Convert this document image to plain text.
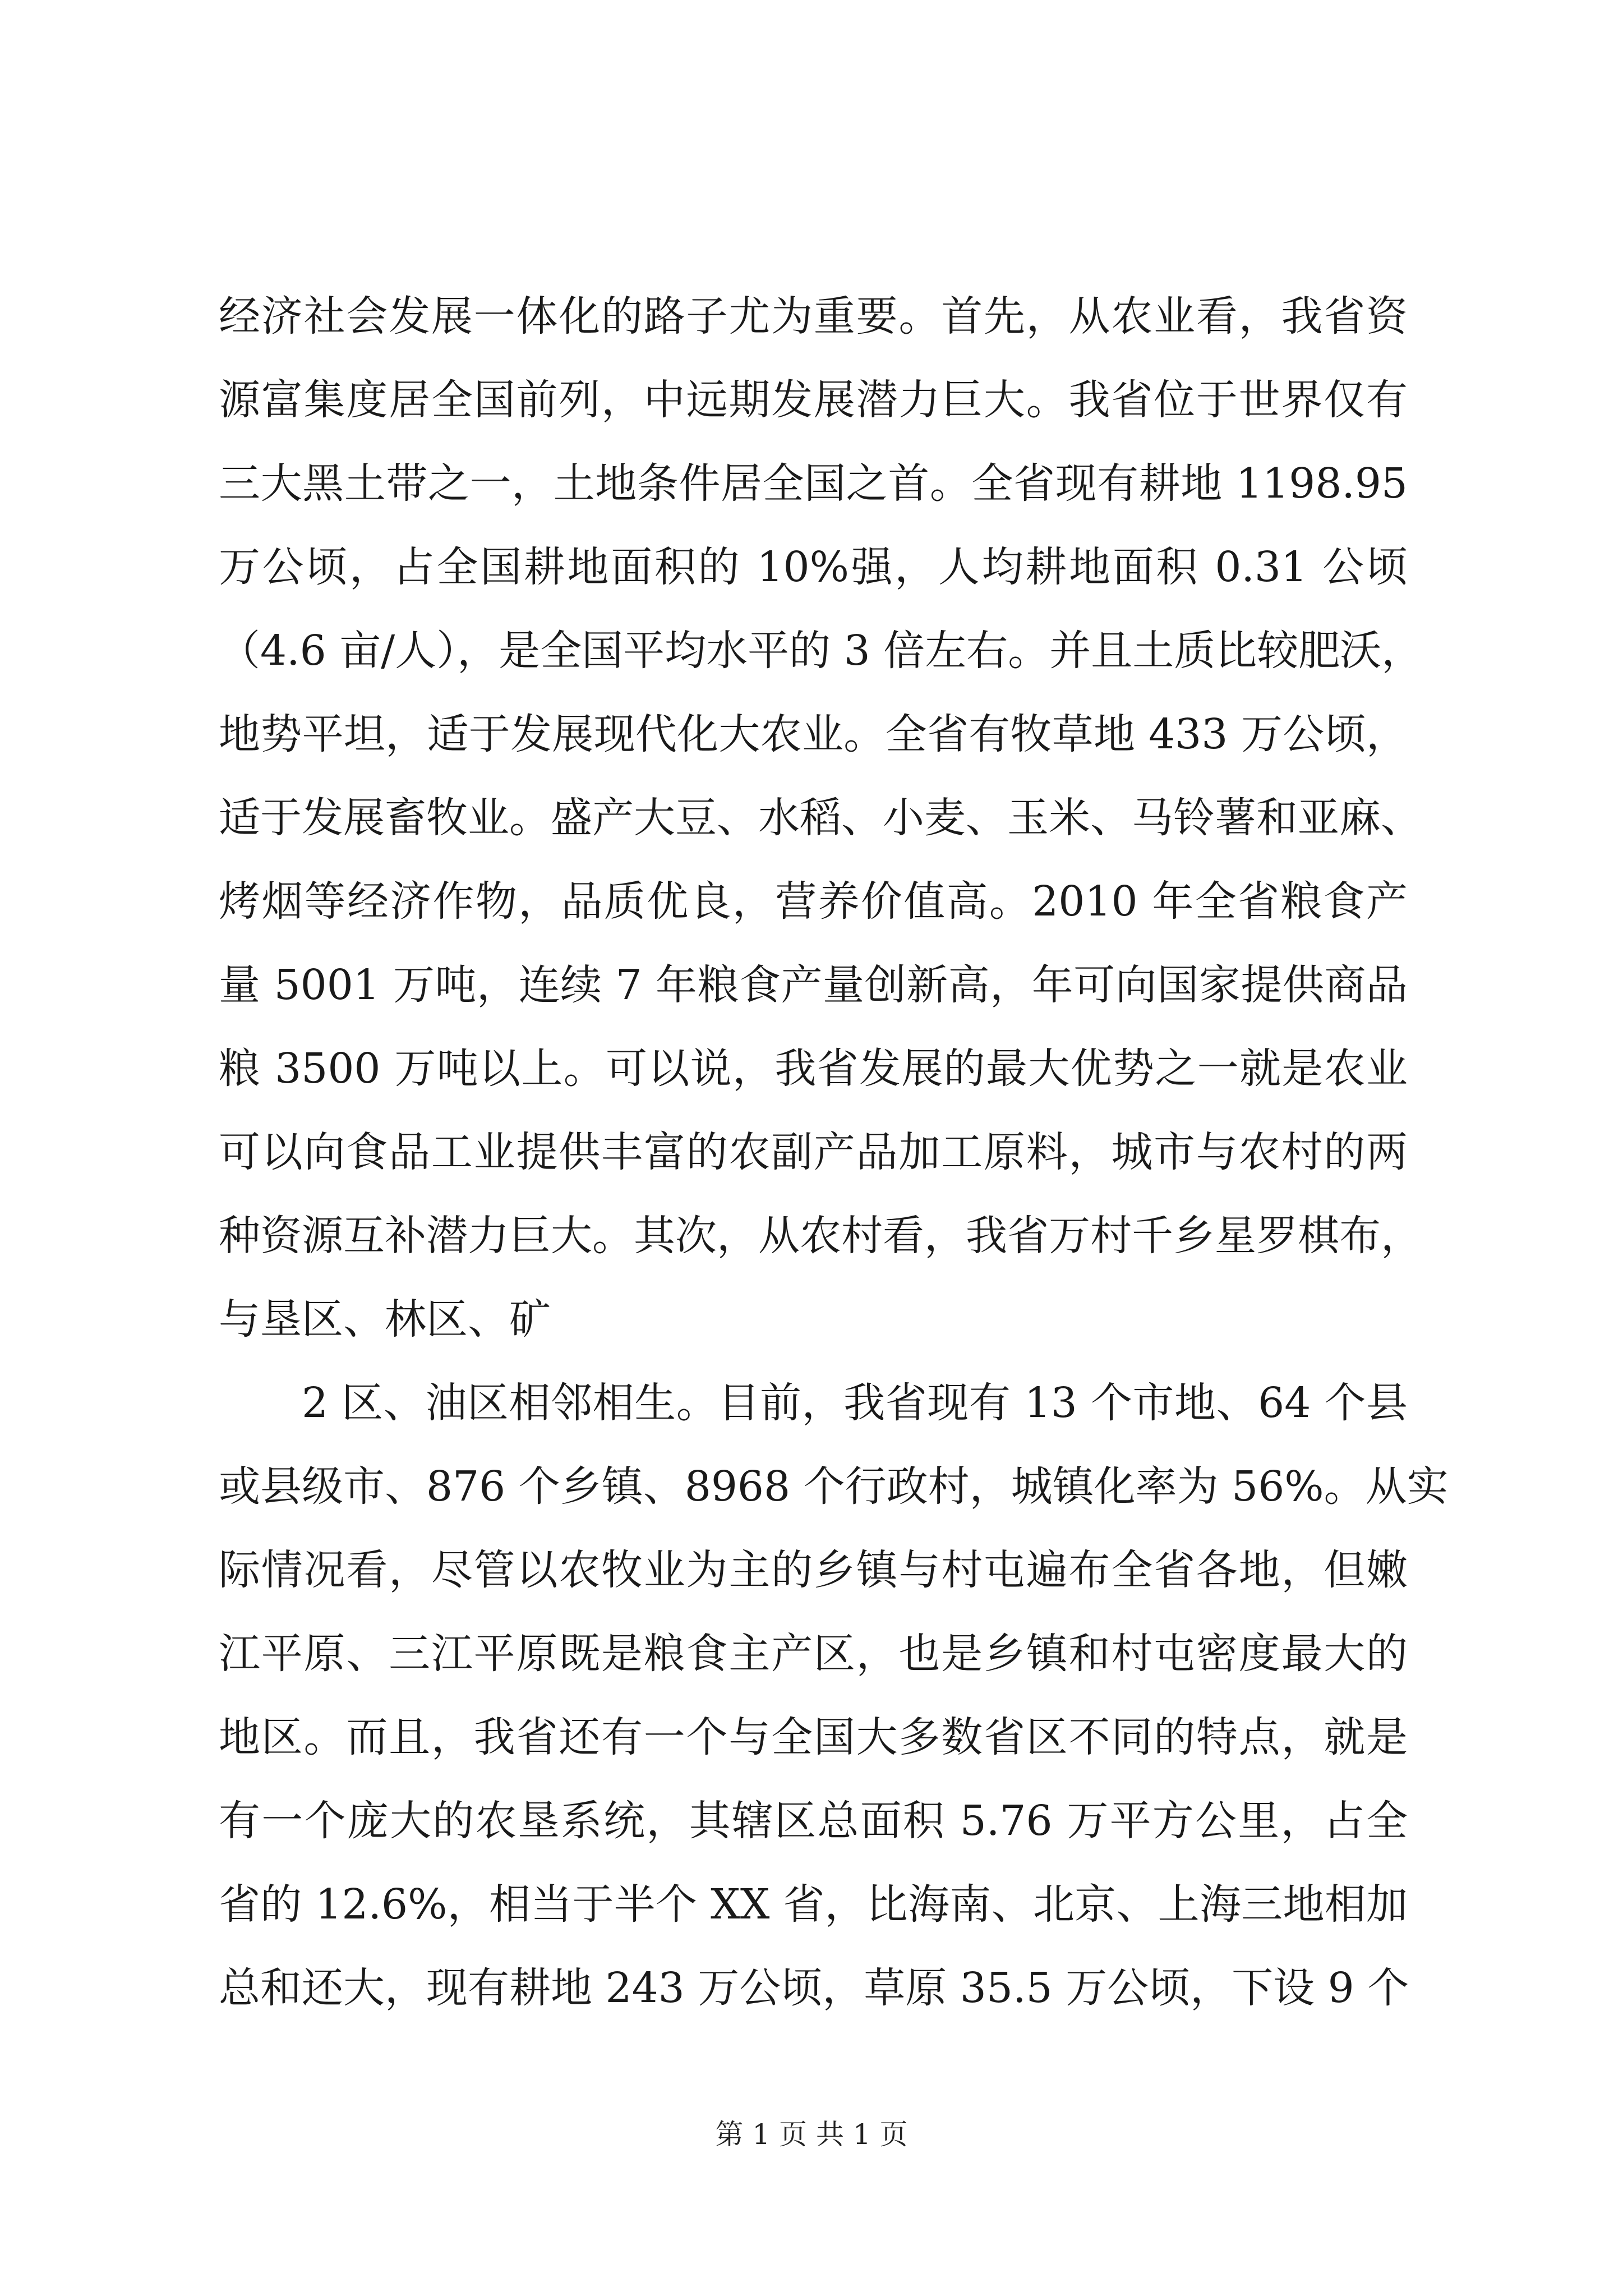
经济社会发展一体化的路子尤为重要。首先，从农业看，我省资
源富集度居全国前列，中远期发展潜力巨大。我省位于世界仅有
三大黑土带之一，土地条件居全国之首。全省现有耕地 1198.95
万公顷，占全国耕地面积的 10%强，人均耕地面积 0.31 公顷
（4.6 亩/人），是全国平均水平的 3 倍左右。并且土质比较肥沃，
地势平坦，适于发展现代化大农业。全省有牧草地 433 万公顷，
适于发展畜牧业。盛产大豆、水稻、小麦、玉米、马铃薯和亚麻、
烤烟等经济作物，品质优良，营养价值高。2010 年全省粮食产
量 5001 万吨，连续 7 年粮食产量创新高，年可向国家提供商品
粮 3500 万吨以上。可以说，我省发展的最大优势之一就是农业
可以向食品工业提供丰富的农副产品加工原料，城市与农村的两
种资源互补潜力巨大。其次，从农村看，我省万村千乡星罗棋布，
与垦区、林区、矿
2 区、油区相邻相生。目前，我省现有 13 个市地、64 个县
或县级市、876 个乡镇、8968 个行政村，城镇化率为 56%。从实
际情况看，尽管以农牧业为主的乡镇与村屯遍布全省各地，但嫩
江平原、三江平原既是粮食主产区，也是乡镇和村屯密度最大的
地区。而且，我省还有一个与全国大多数省区不同的特点，就是
有一个庞大的农垦系统，其辖区总面积 5.76 万平方公里，占全
省的 12.6%，相当于半个 XX 省，比海南、北京、上海三地相加
总和还大，现有耕地 243 万公顷，草原 35.5 万公顷，下设 9 个
第 1 页 共 1 页
